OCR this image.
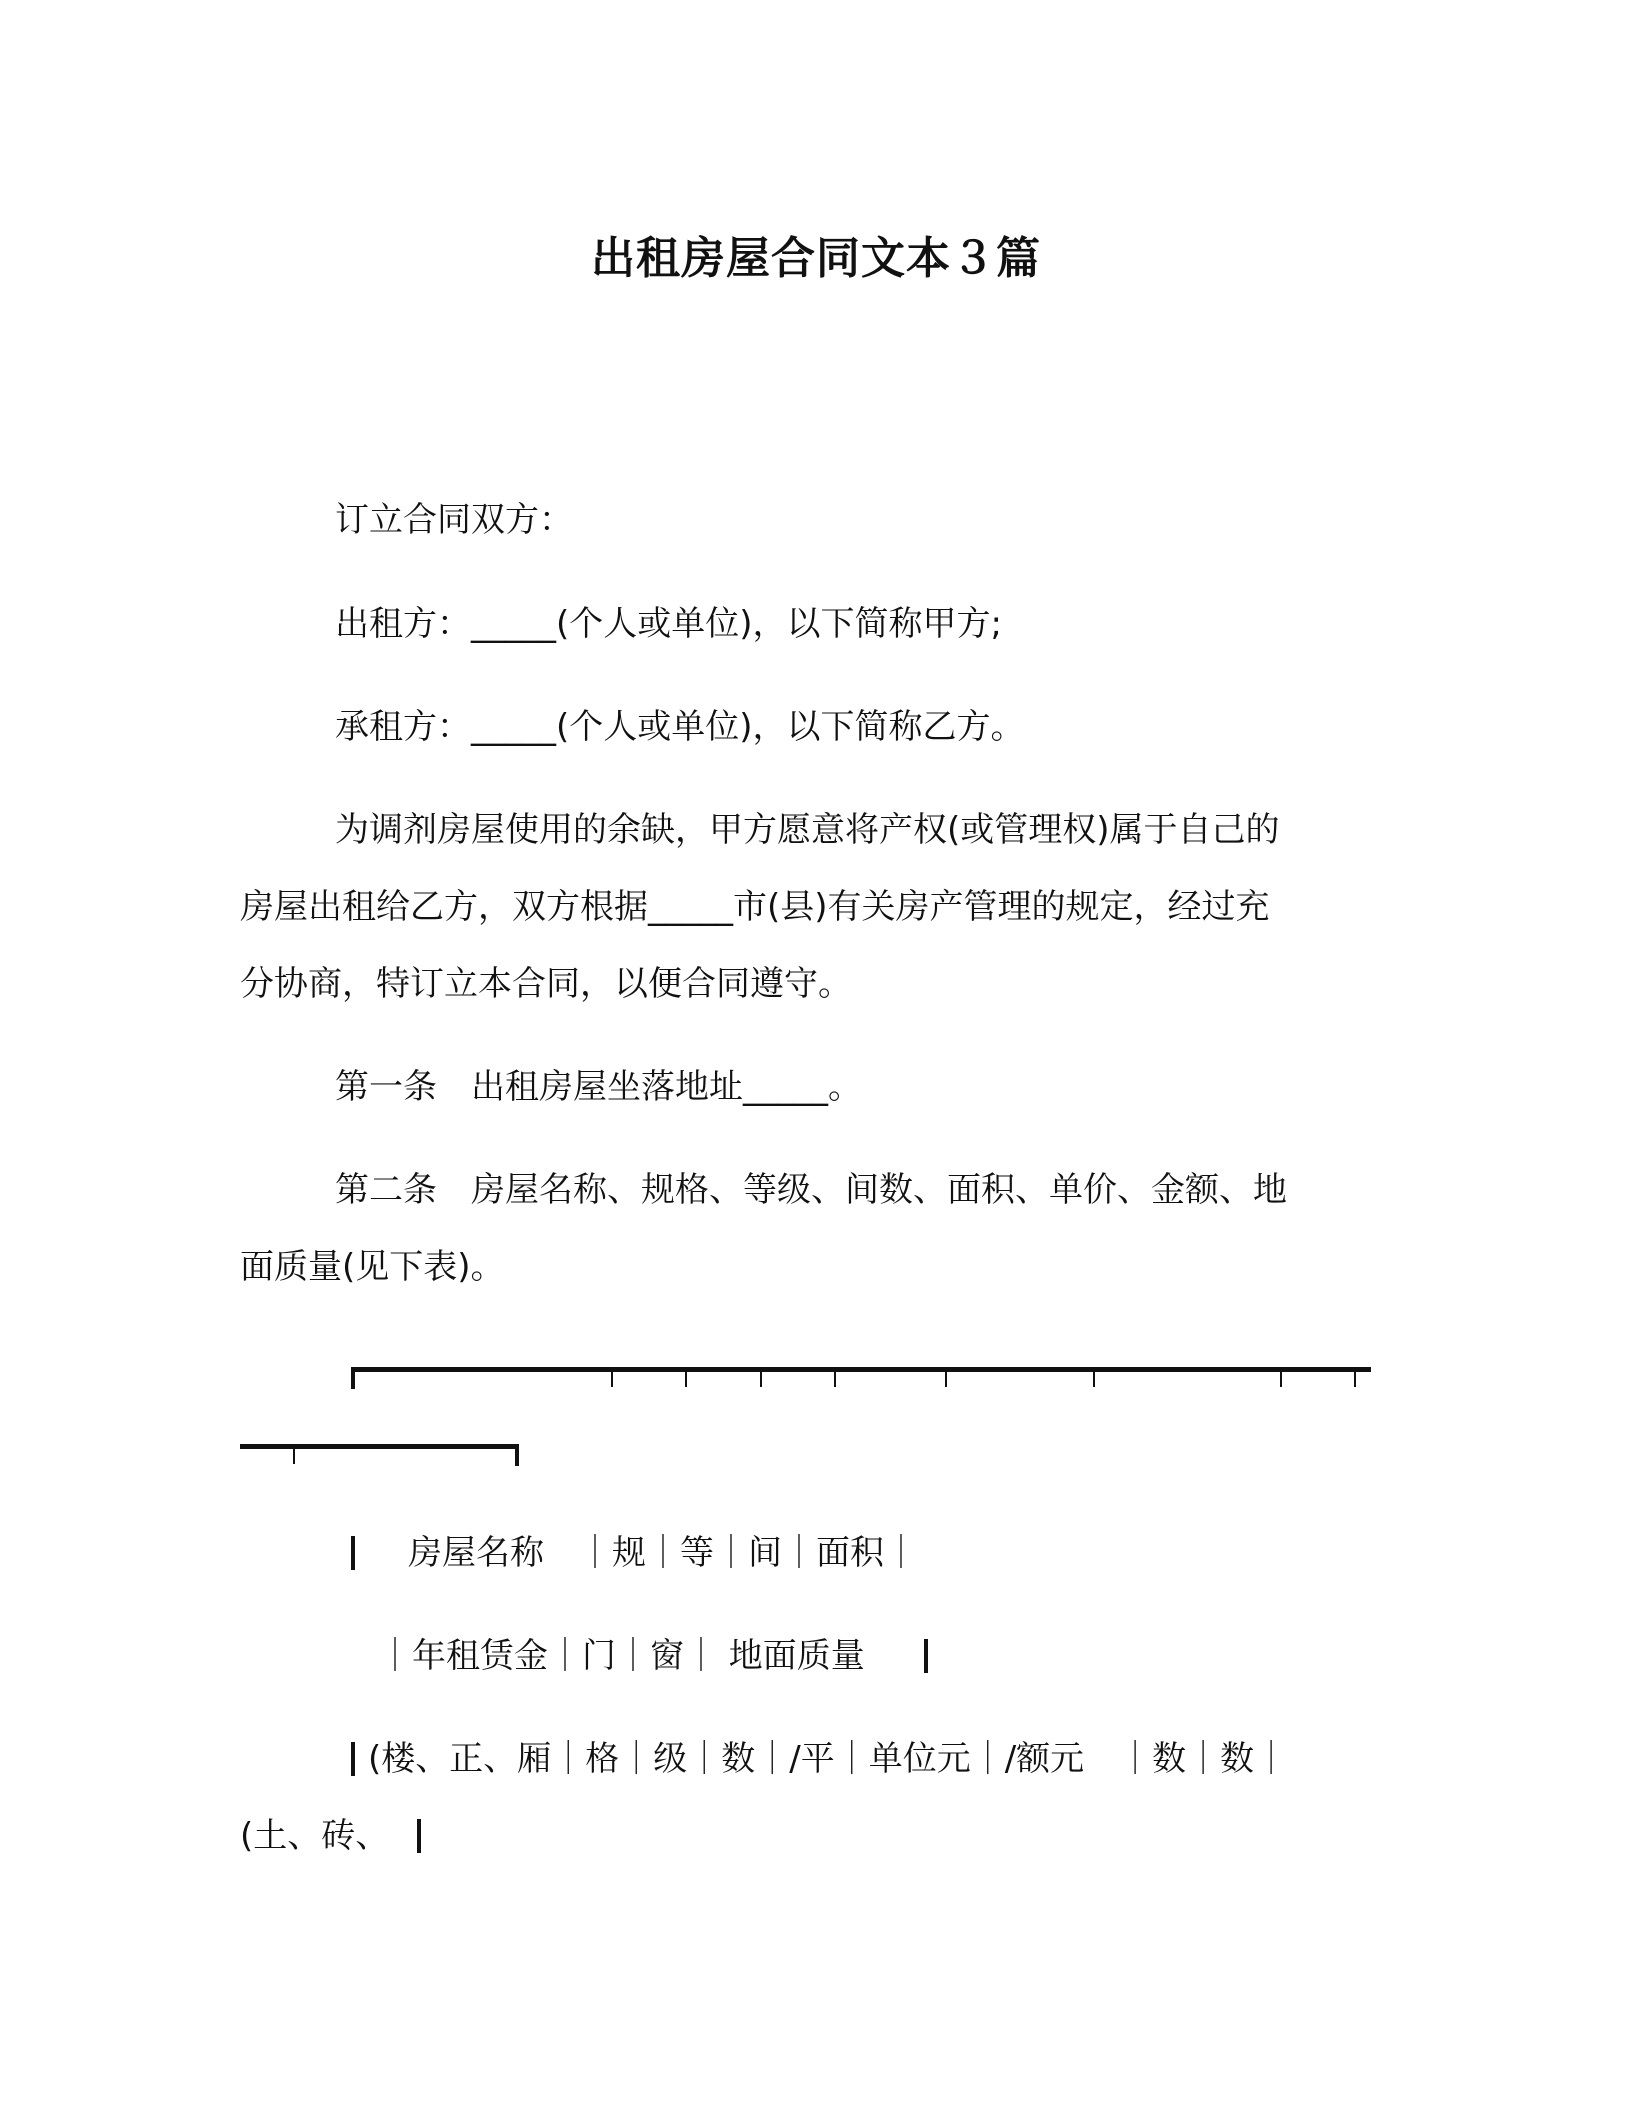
出租房屋合同文本３篇

订立合同双方：

出租方：_____(个人或单位)，以下简称甲方;

承租方：_____(个人或单位)，以下简称乙方。

为调剂房屋使用的余缺，甲方愿意将产权(或管理权)属于自己的

房屋出租给乙方，双方根据_____市(县)有关房产管理的规定，经过充

分协商，特订立本合同，以便合同遵守。

第一条　出租房屋坐落地址_____。

第二条　房屋名称、规格、等级、间数、面积、单价、金额、地

面质量(见下表)。

房屋名称　｜规｜等｜间｜面积｜

｜年租赁金｜门｜窗｜ 地面质量

(楼、正、厢｜格｜级｜数｜/平｜单位元｜/额元　｜数｜数｜

(土、砖、
